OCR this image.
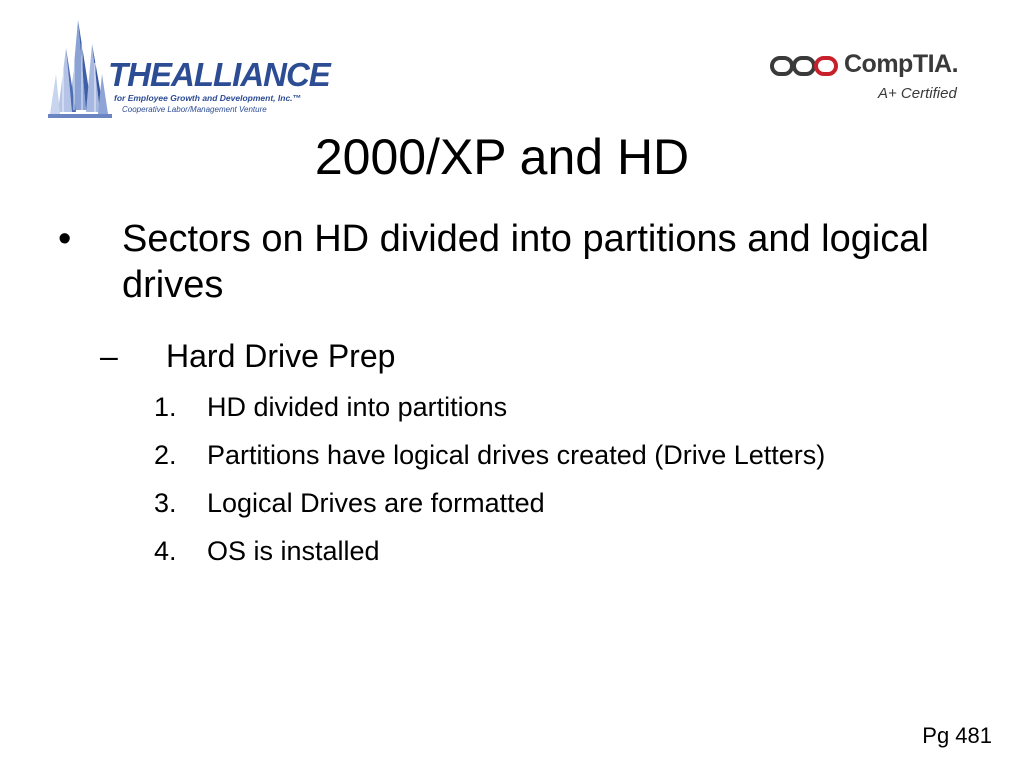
THEALLIANCE
for Employee Growth and Development, Inc.™
Cooperative Labor/Management Venture
CompTIA.
A+ Certified
2000/XP and HD
• Sectors on HD divided into partitions and logical drives
– Hard Drive Prep
1. HD divided into partitions
2. Partitions have logical drives created (Drive Letters)
3. Logical Drives are formatted
4. OS is installed
Pg 481
